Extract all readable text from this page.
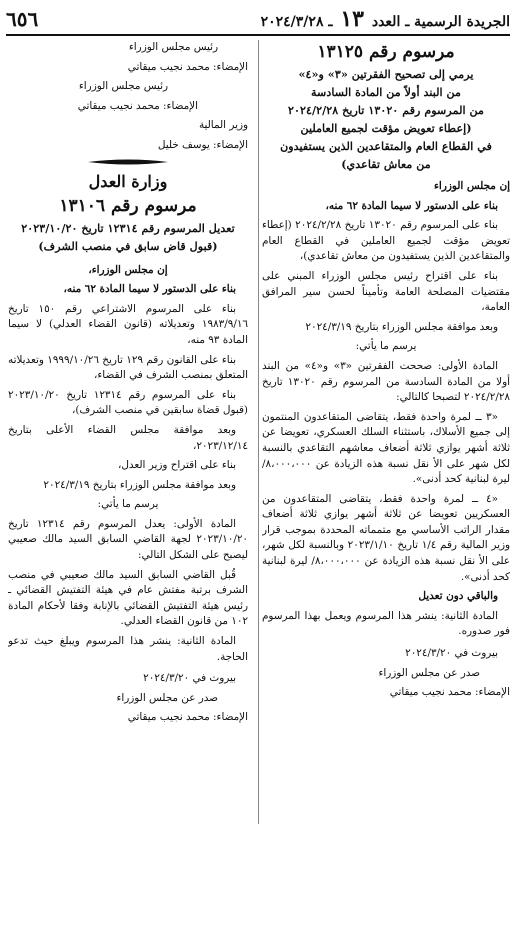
الجريدة الرسمية ـ العدد ١٣ ـ ٢٠٢٤/٣/٢٨
٦٥٦

مرسوم رقم ١٣١٢٥

يرمي إلى تصحيح الفقرتين «٣» و«٤»

من البند أولاً من المادة السادسة

من المرسوم رقم ١٣٠٢٠ تاريخ ٢٠٢٤/٢/٢٨

(إعطاء تعويض مؤقت لجميع العاملين

في القطاع العام والمتقاعدين الذين يستفيدون

من معاش تقاعدي)

إن مجلس الوزراء

بناء على الدستور لا سيما المادة ٦٢ منه،

بناء على المرسوم رقم ١٣٠٢٠ تاريخ ٢٠٢٤/٢/٢٨ (إعطاء تعويض مؤقت لجميع العاملين في القطاع العام والمتقاعدين الذين يستفيدون من معاش تقاعدي)،

بناء على اقتراح رئيس مجلس الوزراء المبني على مقتضيات المصلحة العامة وتأميناً لحسن سير المرافق العامة،

وبعد موافقة مجلس الوزراء بتاريخ ٢٠٢٤/٣/١٩

يرسم ما يأتي:

المادة الأولى: صححت الفقرتين «٣» و«٤» من البند أولا من المادة السادسة من المرسوم رقم ١٣٠٢٠ تاريخ ٢٠٢٤/٢/٢٨ لتصبحا كالتالي:

«٣ ــ لمرة واحدة فقط، يتقاضى المتقاعدون المنتمون إلى جميع الأسلاك، باستثناء السلك العسكري، تعويضا عن ثلاثة أشهر يوازي ثلاثة أضعاف معاشهم التقاعدي بالنسبة لكل شهر على الأ نقل نسبة هذه الزيادة عن ٨،٠٠٠،٠٠٠/ ليرة لبنانية كحد أدنى».

«٤ ــ لمرة واحدة فقط، يتقاضى المتقاعدون من العسكريين تعويضا عن ثلاثة أشهر يوازي ثلاثة أضعاف مقدار الراتب الأساسي مع متمماته المحددة بموجب قرار وزير المالية رقم ١/٤ تاريخ ٢٠٢٣/١/١٠ وبالنسبة لكل شهر، على الأ نقل نسبة هذه الزيادة عن ٨،٠٠٠،٠٠٠/ ليرة لبنانية كحد أدنى».

والباقي دون تعديل

المادة الثانية: ينشر هذا المرسوم ويعمل بهذا المرسوم فور صدوره.

بيروت في ٢٠٢٤/٣/٢٠

صدر عن مجلس الوزراء

الإمضاء: محمد نجيب ميقاتي

رئيس مجلس الوزراء

الإمضاء: محمد نجيب ميقاتي

رئيس مجلس الوزراء

الإمضاء: محمد نجيب ميقاتي

وزير المالية

الإمضاء: يوسف خليل

وزارة العدل

مرسوم رقم ١٣١٠٦

تعديل المرسوم رقم ١٢٣١٤ تاريخ ٢٠٢٣/١٠/٢٠

(قبول قاض سابق في منصب الشرف)

إن مجلس الوزراء،

بناء على الدستور لا سيما المادة ٦٢ منه،

بناء على المرسوم الاشتراعي رقم ١٥٠ تاريخ ١٩٨٣/٩/١٦ وتعديلاته (قانون القضاء العدلي) لا سيما المادة ٩٣ منه،

بناء على القانون رقم ١٢٩ تاريخ ١٩٩٩/١٠/٢٦ وتعديلاته المتعلق بمنصب الشرف في القضاء،

بناء على المرسوم رقم ١٢٣١٤ تاريخ ٢٠٢٣/١٠/٢٠ (قبول قضاة سابقين في منصب الشرف)،

وبعد موافقة مجلس القضاء الأعلى بتاريخ ٢٠٢٣/١٢/١٤،

بناء على اقتراح وزير العدل،

وبعد موافقة مجلس الوزراء بتاريخ ٢٠٢٤/٣/١٩

يرسم ما يأتي:

المادة الأولى: يعدل المرسوم رقم ١٢٣١٤ تاريخ ٢٠٢٣/١٠/٢٠ لجهة القاضي السابق السيد مالك صعيبي ليصبح على الشكل التالي:

قُبل القاضي السابق السيد مالك صعيبي في منصب الشرف برتبة مفتش عام في هيئة التفتيش القضائي ـ رئيس هيئة التفتيش القضائي بالإنابة وفقا لأحكام المادة ١٠٢ من قانون القضاء العدلي.

المادة الثانية: ينشر هذا المرسوم ويبلغ حيث تدعو الحاجة.

بيروت في ٢٠٢٤/٣/٢٠

صدر عن مجلس الوزراء

الإمضاء: محمد نجيب ميقاتي
